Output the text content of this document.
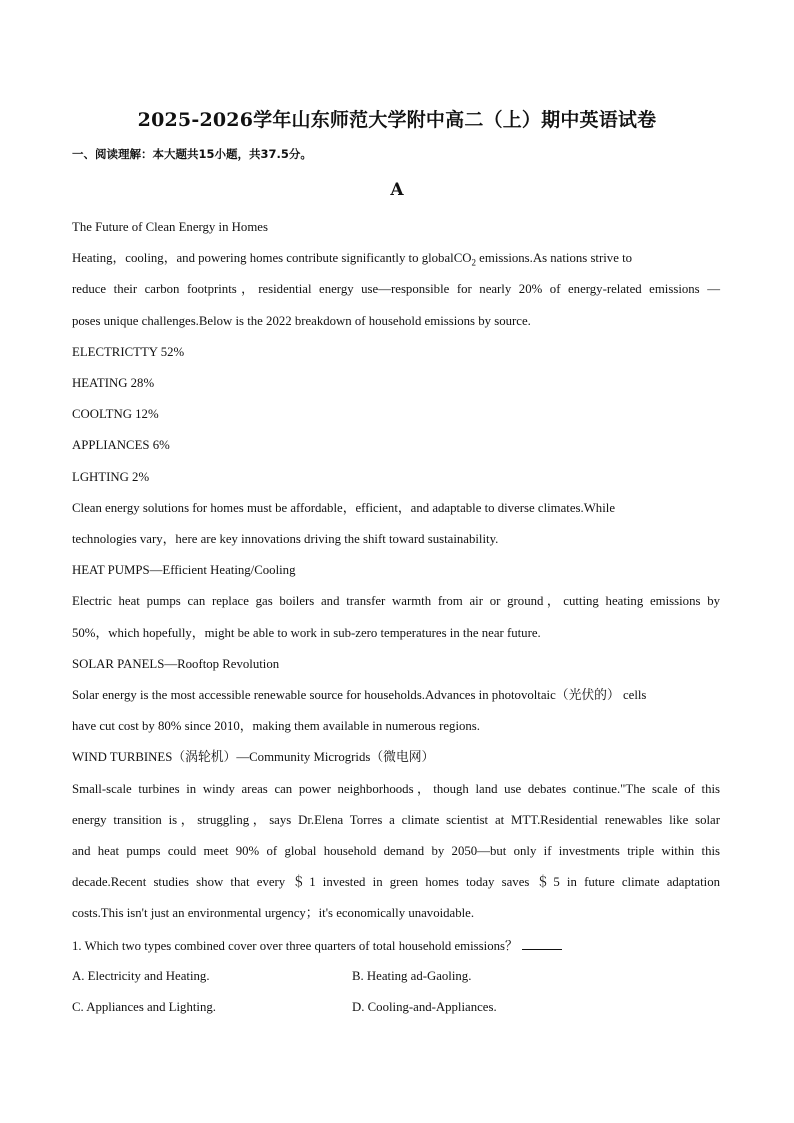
2025-2026学年山东师范大学附中高二（上）期中英语试卷
一、阅读理解：本大题共15小题，共37.5分。
A
The Future of Clean Energy in Homes
Heating，cooling，and powering homes contribute significantly to globalCO$_2$ emissions.As nations strive to
reduce their carbon footprints，residential energy use—responsible for nearly 20% of energy-related emissions —
poses unique challenges.Below is the 2022 breakdown of household emissions by source.
ELECTRICTTY 52%
HEATING 28%
COOLTNG 12%
APPLIANCES 6%
LGHTING 2%
Clean energy solutions for homes must be affordable，efficient，and adaptable to diverse climates.While
technologies vary，here are key innovations driving the shift toward sustainability.
HEAT PUMPS—Efficient Heating/Cooling
Electric heat pumps can replace gas boilers and transfer warmth from air or ground，cutting heating emissions by
50%，which hopefully，might be able to work in sub-zero temperatures in the near future.
SOLAR PANELS—Rooftop Revolution
Solar energy is the most accessible renewable source for households.Advances in photovoltaic（光伏的） cells
have cut cost by 80% since 2010，making them available in numerous regions.
WIND TURBINES（涡轮机）—Community Microgrids（微电网）
Small-scale turbines in windy areas can power neighborhoods，though land use debates continue."The scale of this
energy transition is，struggling，says Dr.Elena Torres a climate scientist at MTT.Residential renewables like solar
and heat pumps could meet 90% of global household demand by 2050—but only if investments triple within this
decade.Recent studies show that every ＄1 invested in green homes today saves ＄5 in future climate adaptation
costs.This isn't just an environmental urgency；it's economically unavoidable.
1. Which two types combined cover over three quarters of total household emissions？
A. Electricity and Heating.	B. Heating ad-Gaoling.
C. Appliances and Lighting.	D. Cooling-and-Appliances.
